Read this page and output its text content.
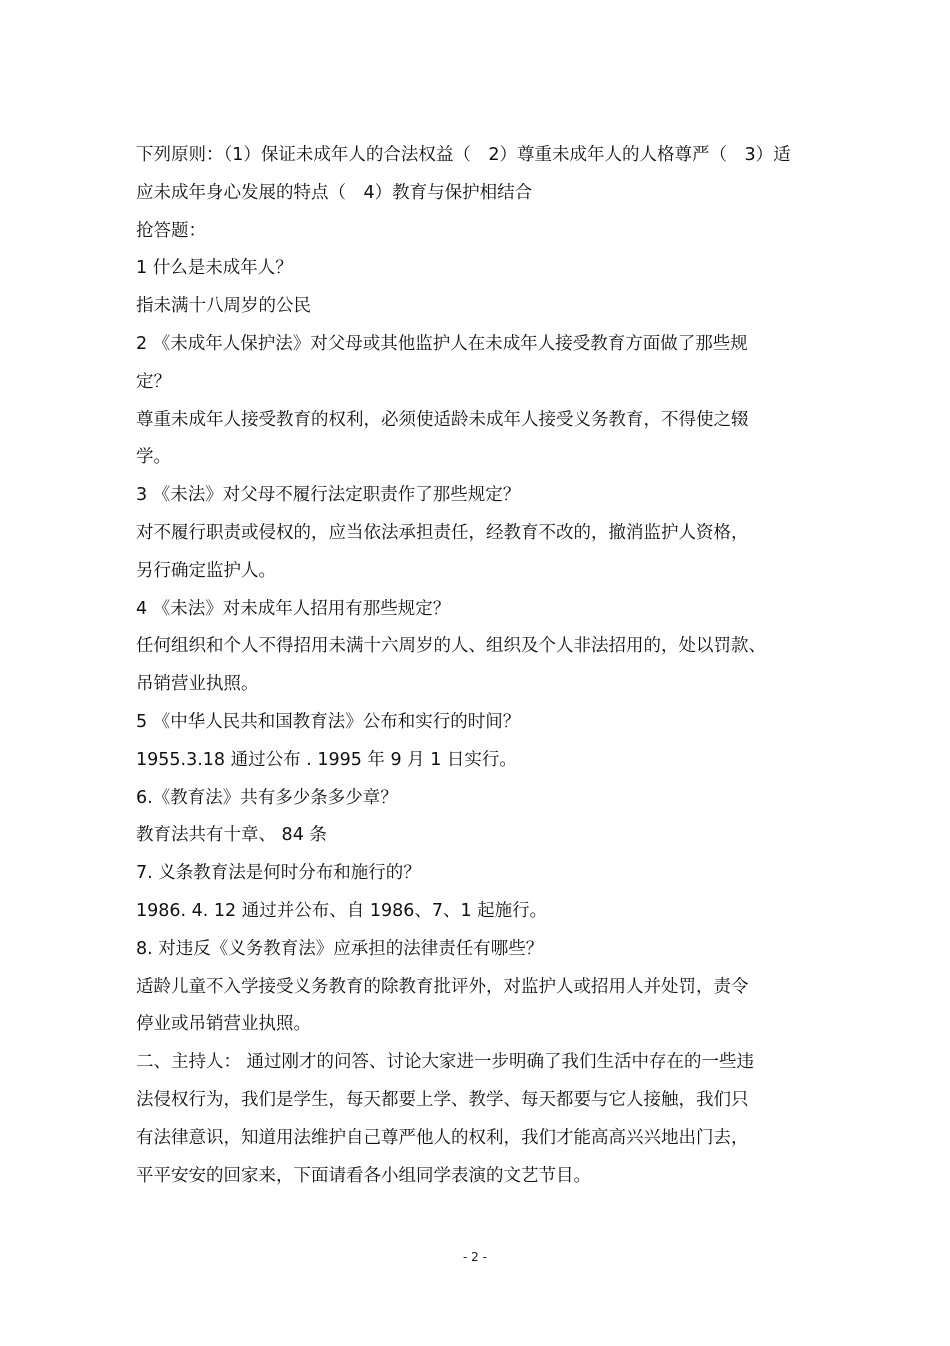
下列原则：（1）保证未成年人的合法权益（　2）尊重未成年人的人格尊严（　3）适
应未成年身心发展的特点（　4）教育与保护相结合
抢答题：
1 什么是未成年人？
指未满十八周岁的公民
2 《未成年人保护法》对父母或其他监护人在未成年人接受教育方面做了那些规
定？
尊重未成年人接受教育的权利，必须使适龄未成年人接受义务教育，不得使之辍
学。
3 《未法》对父母不履行法定职责作了那些规定？
对不履行职责或侵权的，应当依法承担责任，经教育不改的，撤消监护人资格，
另行确定监护人。
4 《未法》对未成年人招用有那些规定？
任何组织和个人不得招用未满十六周岁的人、组织及个人非法招用的，处以罚款、
吊销营业执照。
5 《中华人民共和国教育法》公布和实行的时间？
1955.3.18 通过公布 . 1995 年 9 月 1 日实行。
6.《教育法》共有多少条多少章？
教育法共有十章、 84 条
7. 义条教育法是何时分布和施行的？
1986. 4. 12 通过并公布、自 1986、7、1 起施行。
8. 对违反《义务教育法》应承担的法律责任有哪些？
适龄儿童不入学接受义务教育的除教育批评外，对监护人或招用人并处罚，责令
停业或吊销营业执照。
二、主持人： 通过刚才的问答、讨论大家进一步明确了我们生活中存在的一些违
法侵权行为，我们是学生，每天都要上学、教学、每天都要与它人接触，我们只
有法律意识，知道用法维护自己尊严他人的权利，我们才能高高兴兴地出门去，
平平安安的回家来，下面请看各小组同学表演的文艺节目。
- 2 -
